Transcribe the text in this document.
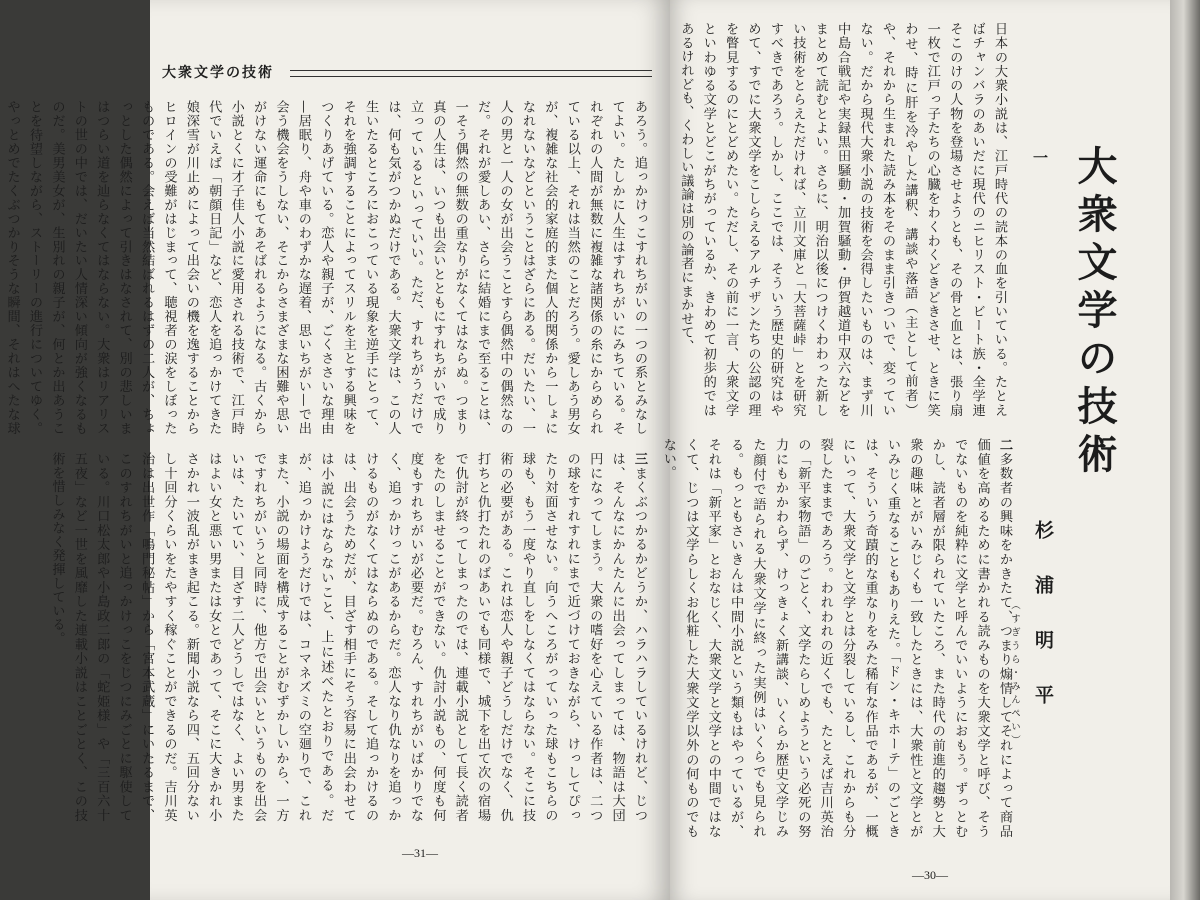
大衆文学の技術
あろう。追っかけっこすれちがいの一つの系とみなしてよい。たしかに人生はすれちがいにみちている。それぞれの人間が無数に複雑な諸関係の糸にからめられている以上、それは当然のことだろう。愛しあう男女が、複雑な社会的家庭的また個人的関係から一しょになれないなどということはざらにある。だいたい、一人の男と一人の女が出会うことすら偶然中の偶然なのだ。それが愛しあい、さらに結婚にまで至ることは、一そう偶然の無数の重なりがなくてはならぬ。つまり真の人生は、いつも出会いとともにすれちがいで成り立っているといっていい。ただ、すれちがうだけでは、何も気がつかぬだけである。大衆文学は、この人生いたるところにおこっている現象を逆手にとって、それを強調することによってスリルを主とする興味をつくりあげている。恋人や親子が、ごくささいな理由—居眠り、舟や車のわずかな遅着、思いちがい—で出会う機会をうしない、そこからさまざまな困難や思いがけない運命にもてあそばれるようになる。古くから小説とくに才子佳人小説に愛用される技術で、江戸時代でいえば「朝顔日記」など、恋人を追っかけてきた娘深雪が川止めによって出会いの機を逸することからヒロインの受難がはじまって、聴視者の涙をしぼったものである。会えば当然結ばれるはずの二人が、ちょっとした偶然によって引きはなされて、別の悲しいまはつらい道を辿らなくてはならない。大衆はリアリストの世の中では、だいたい人情深い傾向が強くなるものだ。美男美女が、生別れの親子が、何とか出あうことを待望しながら、ストーリーの進行についてゆく。やっとめでたくぶつかりそうな瞬間、それはへたな球
三まくぶつかるかどうか、ハラハラしているけれど、じつは、そんなにかんたんに出会ってしまっては、物語は大団円になってしまう。大衆の嗜好を心えている作者は、二つの球をすれすれにまで近づけておきながら、けっしてぴったり対面させない。向うへころがっていった球もこちらの球も、もう一度やり直しをしなくてはならない。そこに技術の必要がある。これは恋人や親子どうしだけでなく、仇打ちと仇打たれのばあいでも同様で、城下を出て次の宿場で仇討が終ってしまったのでは、連載小説として長く読者をたのしませることができない。仇討小説もの、何度も何度もすれちがいが必要だ。むろん、すれちがいばかりでなく、追っかけっこがあるからだ。恋人なり仇なりを追っかけるものがなくてはならぬのである。そして追っかけるのは、出会うためだが、目ざす相手にそう容易に出会わせては小説にはならないこと、上に述べたとおりである。だが、追っかけようだけでは、コマネズミの空廻りで、これまた、小説の場面を構成することがむずかしいから、一方ですれちがいうと同時に、他方で出会いというものを出会いは、たいてい、目ざす二人どうしではなく、よい男またはよい女と悪い男または女とであって、そこに大きかれ小さかれ一波乱がまき起こる。新聞小説なら四、五回分ないし十回分くらいをたやすく稼ぐことができるのだ。吉川英治は出世作「鳴門秘帖」から「宮本武蔵」にいたるまで、このすれちがいと追っかけっこをじつにみごとに駆使している。川口松太郎や小島政二郎の「蛇姫様」や「三百六十五夜」など一世を風靡した連載小説はことごとく、この技術を惜しみなく発揮している。
—31—
日本の大衆小説は、江戸時代の読本の血を引いている。たとえばチャンバラのあいだに現代のニヒリスト・ビート族・全学連そこのけの人物を登場させようとも、その骨と血とは、張り扇一枚で江戸っ子たちの心臓をわくわくどきどきさせ、ときに笑わせ、時に肝を冷やした講釈、講談や落語（主として前者）や、それから生まれた読み本をそのまま引きついで、変っていない。だから現代大衆小説の技術を会得したいものは、まず川中島合戦記や実録黒田騒動・加賀騒動・伊賀越道中双六などをまとめて読むとよい。さらに、明治以後につけくわわった新しい技術をとらえただければ、立川文庫と「大菩薩峠」とを研究すべきであろう。しかし、ここでは、そういう歴史的研究はやめて、すでに大衆文学をこしらえるアルチザンたちの公認の理を瞥見するのにとどめたい。ただし、その前に一言、大衆文学といわゆる文学とどこがちがっているか、きわめて初歩的ではあるけれども、くわしい議論は別の論者にまかせて、	一 大衆文学の技術
杉浦明平
（すぎうら・みんぺい）
二多数者の興味をかきたて、つまり煽情してそれによって商品価値を高めるために書かれる読みものを大衆文学と呼び、そうでないものを純粋に文学と呼んでいいようにおもう。ずっとむかし、読者層が限られていたころ、また時代の前進的趨勢と大衆の趣味とがいみじくも一致したときには、大衆性と文学とがいみじく重なることもありえた。「ドン・キホーテ」のごときは、そういう奇蹟的な重なりをみた稀有な作品であるが、一概にいって、大衆文学と文学とは分裂しているし、これからも分裂したままであろう。われわれの近くでも、たとえば吉川英治の「新平家物語」のごとく、文学たらしめようという必死の努力にもかかわらず、けっきょく新講談、いくらか歴史文学じみた顔付で語られる大衆文学に終った実例はいくらでも見られる。もっともさいきんは中間小説という類もはやっているが、それは「新平家」とおなじく、大衆文学と文学との中間ではなくて、じつは文学らしくお化粧した大衆文学以外の何ものでもない。
—30—
